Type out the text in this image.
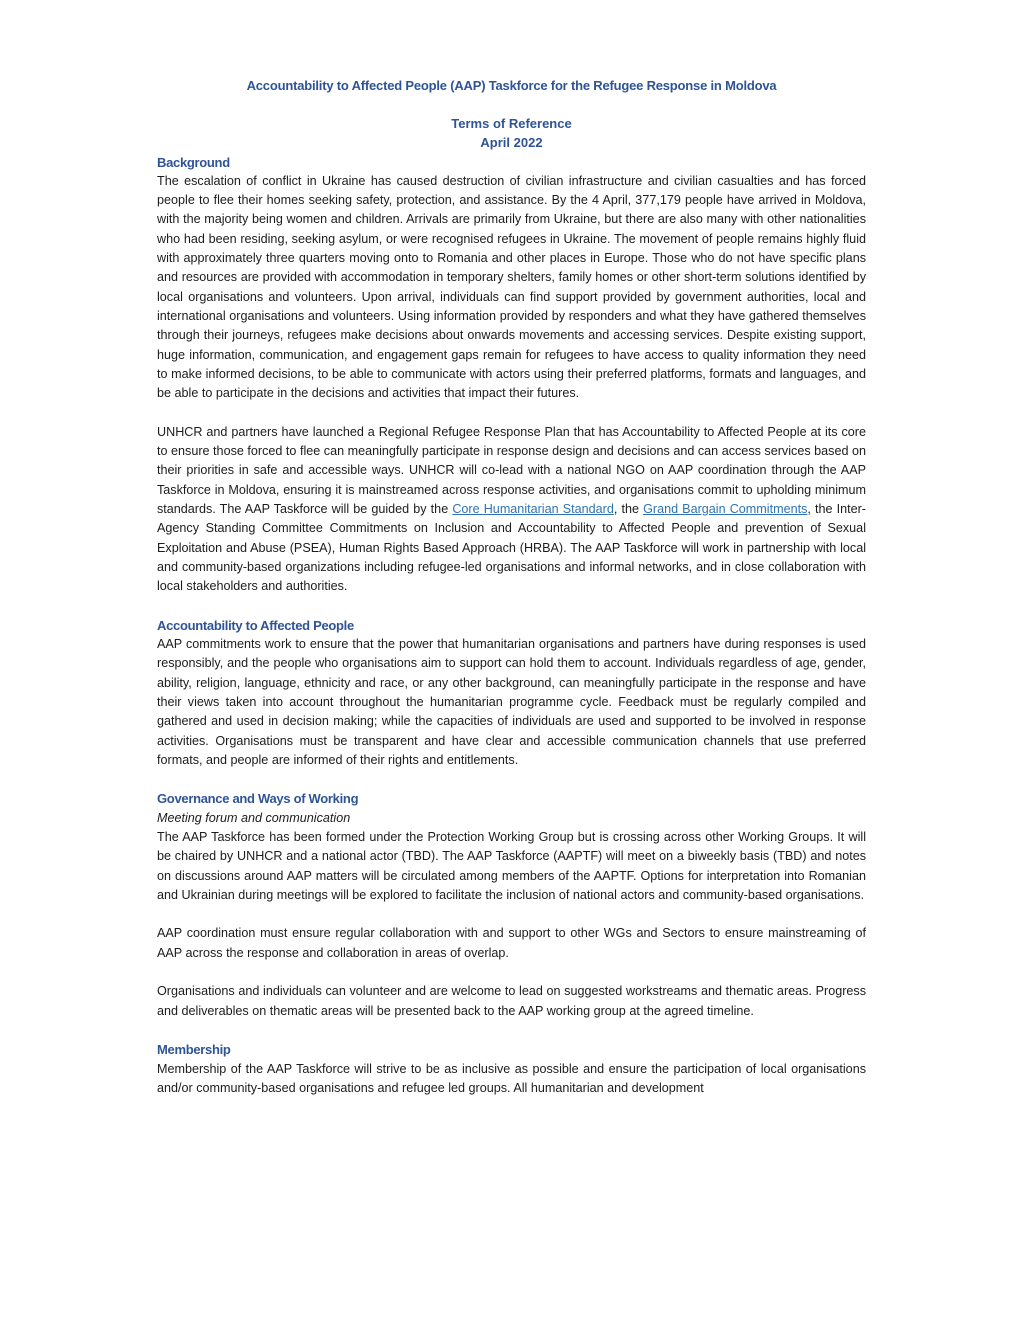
Accountability to Affected People (AAP) Taskforce for the Refugee Response in Moldova
Terms of Reference
April 2022
Background

The escalation of conflict in Ukraine has caused destruction of civilian infrastructure and civilian casualties and has forced people to flee their homes seeking safety, protection, and assistance. By the 4 April, 377,179 people have arrived in Moldova, with the majority being women and children. Arrivals are primarily from Ukraine, but there are also many with other nationalities who had been residing, seeking asylum, or were recognised refugees in Ukraine. The movement of people remains highly fluid with approximately three quarters moving onto to Romania and other places in Europe. Those who do not have specific plans and resources are provided with accommodation in temporary shelters, family homes or other short-term solutions identified by local organisations and volunteers. Upon arrival, individuals can find support provided by government authorities, local and international organisations and volunteers. Using information provided by responders and what they have gathered themselves through their journeys, refugees make decisions about onwards movements and accessing services. Despite existing support, huge information, communication, and engagement gaps remain for refugees to have access to quality information they need to make informed decisions, to be able to communicate with actors using their preferred platforms, formats and languages, and be able to participate in the decisions and activities that impact their futures.

UNHCR and partners have launched a Regional Refugee Response Plan that has Accountability to Affected People at its core to ensure those forced to flee can meaningfully participate in response design and decisions and can access services based on their priorities in safe and accessible ways. UNHCR will co-lead with a national NGO on AAP coordination through the AAP Taskforce in Moldova, ensuring it is mainstreamed across response activities, and organisations commit to upholding minimum standards. The AAP Taskforce will be guided by the Core Humanitarian Standard, the Grand Bargain Commitments, the Inter-Agency Standing Committee Commitments on Inclusion and Accountability to Affected People and prevention of Sexual Exploitation and Abuse (PSEA), Human Rights Based Approach (HRBA). The AAP Taskforce will work in partnership with local and community-based organizations including refugee-led organisations and informal networks, and in close collaboration with local stakeholders and authorities.

Accountability to Affected People

AAP commitments work to ensure that the power that humanitarian organisations and partners have during responses is used responsibly, and the people who organisations aim to support can hold them to account. Individuals regardless of age, gender, ability, religion, language, ethnicity and race, or any other background, can meaningfully participate in the response and have their views taken into account throughout the humanitarian programme cycle. Feedback must be regularly compiled and gathered and used in decision making; while the capacities of individuals are used and supported to be involved in response activities. Organisations must be transparent and have clear and accessible communication channels that use preferred formats, and people are informed of their rights and entitlements.

Governance and Ways of Working
Meeting forum and communication

The AAP Taskforce has been formed under the Protection Working Group but is crossing across other Working Groups. It will be chaired by UNHCR and a national actor (TBD). The AAP Taskforce (AAPTF) will meet on a biweekly basis (TBD) and notes on discussions around AAP matters will be circulated among members of the AAPTF. Options for interpretation into Romanian and Ukrainian during meetings will be explored to facilitate the inclusion of national actors and community-based organisations.

AAP coordination must ensure regular collaboration with and support to other WGs and Sectors to ensure mainstreaming of AAP across the response and collaboration in areas of overlap.

Organisations and individuals can volunteer and are welcome to lead on suggested workstreams and thematic areas. Progress and deliverables on thematic areas will be presented back to the AAP working group at the agreed timeline.

Membership

Membership of the AAP Taskforce will strive to be as inclusive as possible and ensure the participation of local organisations and/or community-based organisations and refugee led groups. All humanitarian and development
